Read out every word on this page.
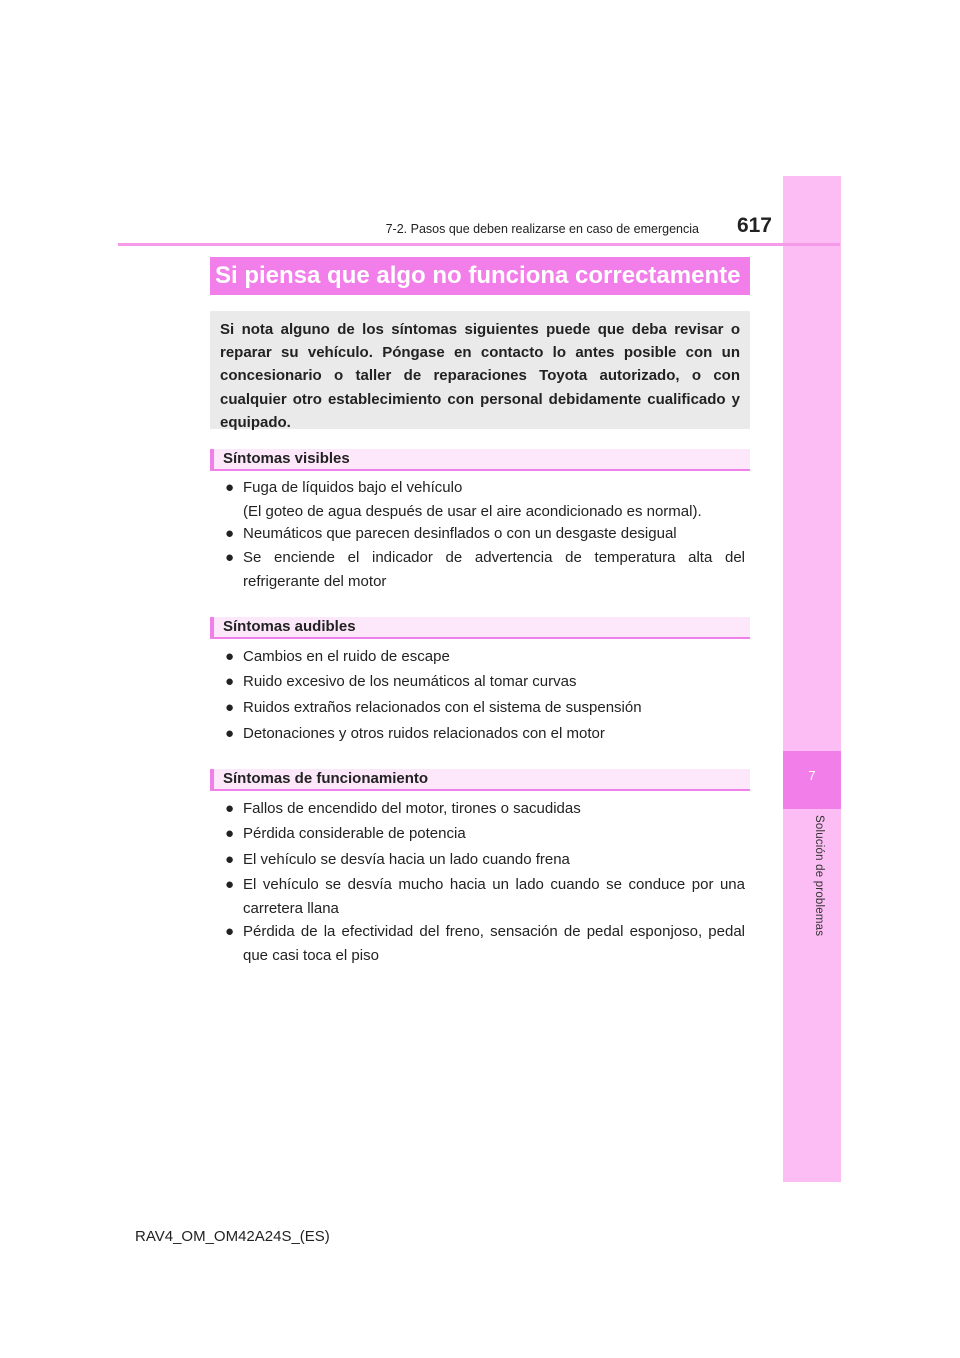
7
Solución de problemas
7-2. Pasos que deben realizarse en caso de emergencia	617
Si piensa que algo no funciona correctamente
Si nota alguno de los síntomas siguientes puede que deba revisar o reparar su vehículo. Póngase en contacto lo antes posible con un concesionario o taller de reparaciones Toyota autorizado, o con cualquier otro establecimiento con personal debidamente cualificado y equipado.
Síntomas visibles
● Fuga de líquidos bajo el vehículo
(El goteo de agua después de usar el aire acondicionado es normal).
● Neumáticos que parecen desinflados o con un desgaste desigual
● Se enciende el indicador de advertencia de temperatura alta del refrigerante del motor
Síntomas audibles
● Cambios en el ruido de escape
● Ruido excesivo de los neumáticos al tomar curvas
● Ruidos extraños relacionados con el sistema de suspensión
● Detonaciones y otros ruidos relacionados con el motor
Síntomas de funcionamiento
● Fallos de encendido del motor, tirones o sacudidas
● Pérdida considerable de potencia
● El vehículo se desvía hacia un lado cuando frena
● El vehículo se desvía mucho hacia un lado cuando se conduce por una carretera llana
● Pérdida de la efectividad del freno, sensación de pedal esponjoso, pedal que casi toca el piso
RAV4_OM_OM42A24S_(ES)
